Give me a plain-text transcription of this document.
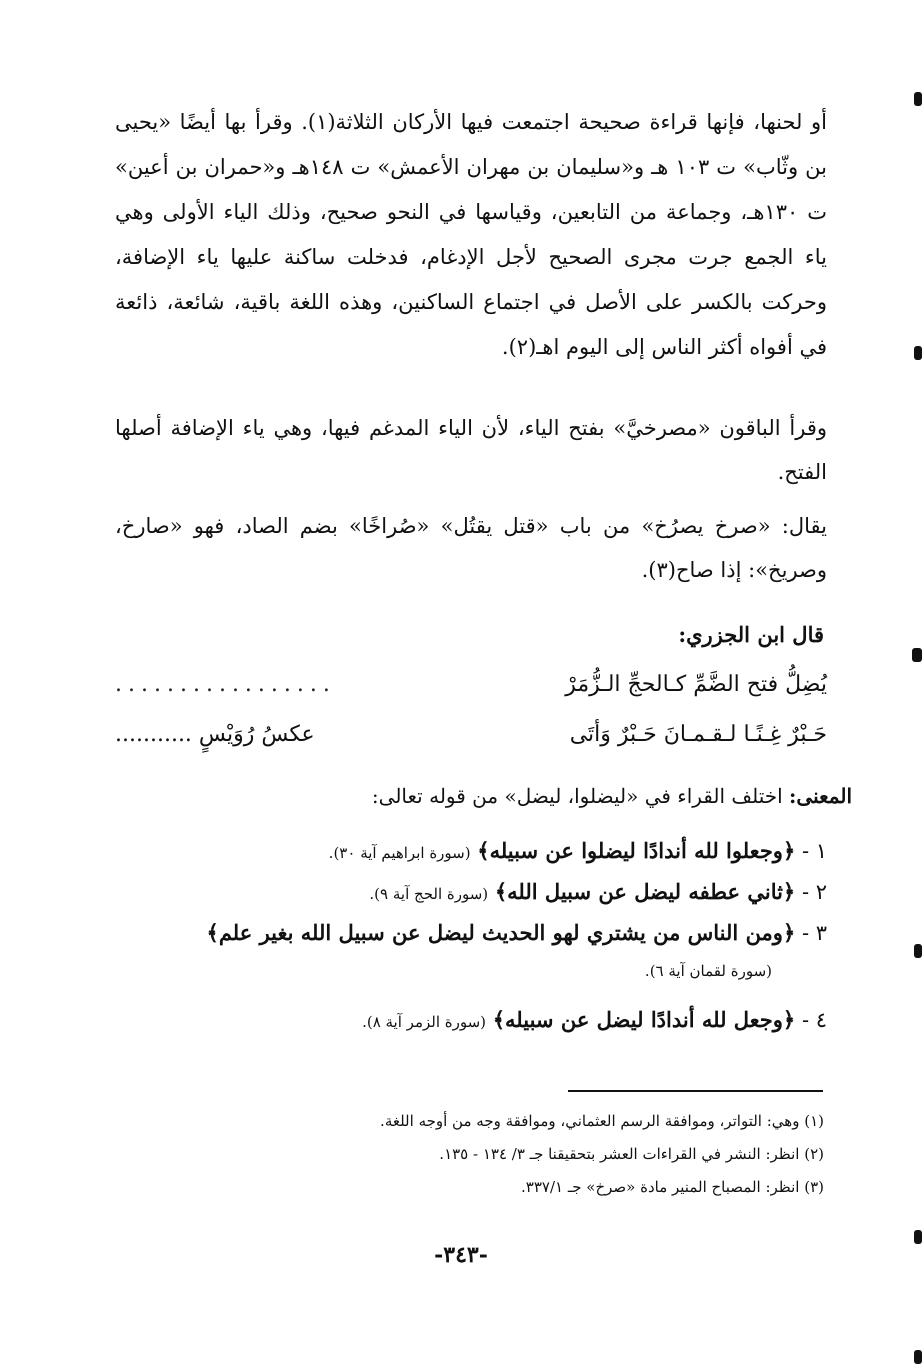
أو لحنها، فإنها قراءة صحيحة اجتمعت فيها الأركان الثلاثة(١). وقرأ بها أيضًا «يحيى بن وثّاب» ت ١٠٣ هـ و«سليمان بن مهران الأعمش» ت ١٤٨هـ و«حمران بن أعين» ت ١٣٠هـ، وجماعة من التابعين، وقياسها في النحو صحيح، وذلك الياء الأولى وهي ياء الجمع جرت مجرى الصحيح لأجل الإدغام، فدخلت ساكنة عليها ياء الإضافة، وحركت بالكسر على الأصل في اجتماع الساكنين، وهذه اللغة باقية، شائعة، ذائعة في أفواه أكثر الناس إلى اليوم اهـ(٢).
وقرأ الباقون «مصرخيَّ» بفتح الياء، لأن الياء المدغم فيها، وهي ياء الإضافة أصلها الفتح.
يقال: «صرخ يصرُخ» من باب «قتل يقتُل» «صُراخًا» بضم الصاد، فهو «صارخ، وصريخ»: إذا صاح(٣).
قال ابن الجزري:
يُضِلُّ فتح الضَّمِّ كـالحجِّ الـزُّمَرْ
.................
حَـبْرٌ غِـنًـا لـقـمـانَ حَـبْرٌ وَأتَى
عكسُ رُوَيْسٍ ...........
المعنى: اختلف القراء في «ليضلوا، ليضل» من قوله تعالى:
١ - ﴿وجعلوا لله أندادًا ليضلوا عن سبيله﴾ (سورة ابراهيم آية ٣٠).
٢ - ﴿ثاني عطفه ليضل عن سبيل الله﴾ (سورة الحج آية ٩).
٣ - ﴿ومن الناس من يشتري لهو الحديث ليضل عن سبيل الله بغير علم﴾
(سورة لقمان آية ٦).
٤ - ﴿وجعل لله أندادًا ليضل عن سبيله﴾ (سورة الزمر آية ٨).
(١) وهي: التواتر، وموافقة الرسم العثماني، وموافقة وجه من أوجه اللغة.
(٢) انظر: النشر في القراءات العشر بتحقيقنا جـ ٣/ ١٣٤ - ١٣٥.
(٣) انظر: المصباح المنير مادة «صرخ» جـ ٣٣٧/١.
-٣٤٣-
